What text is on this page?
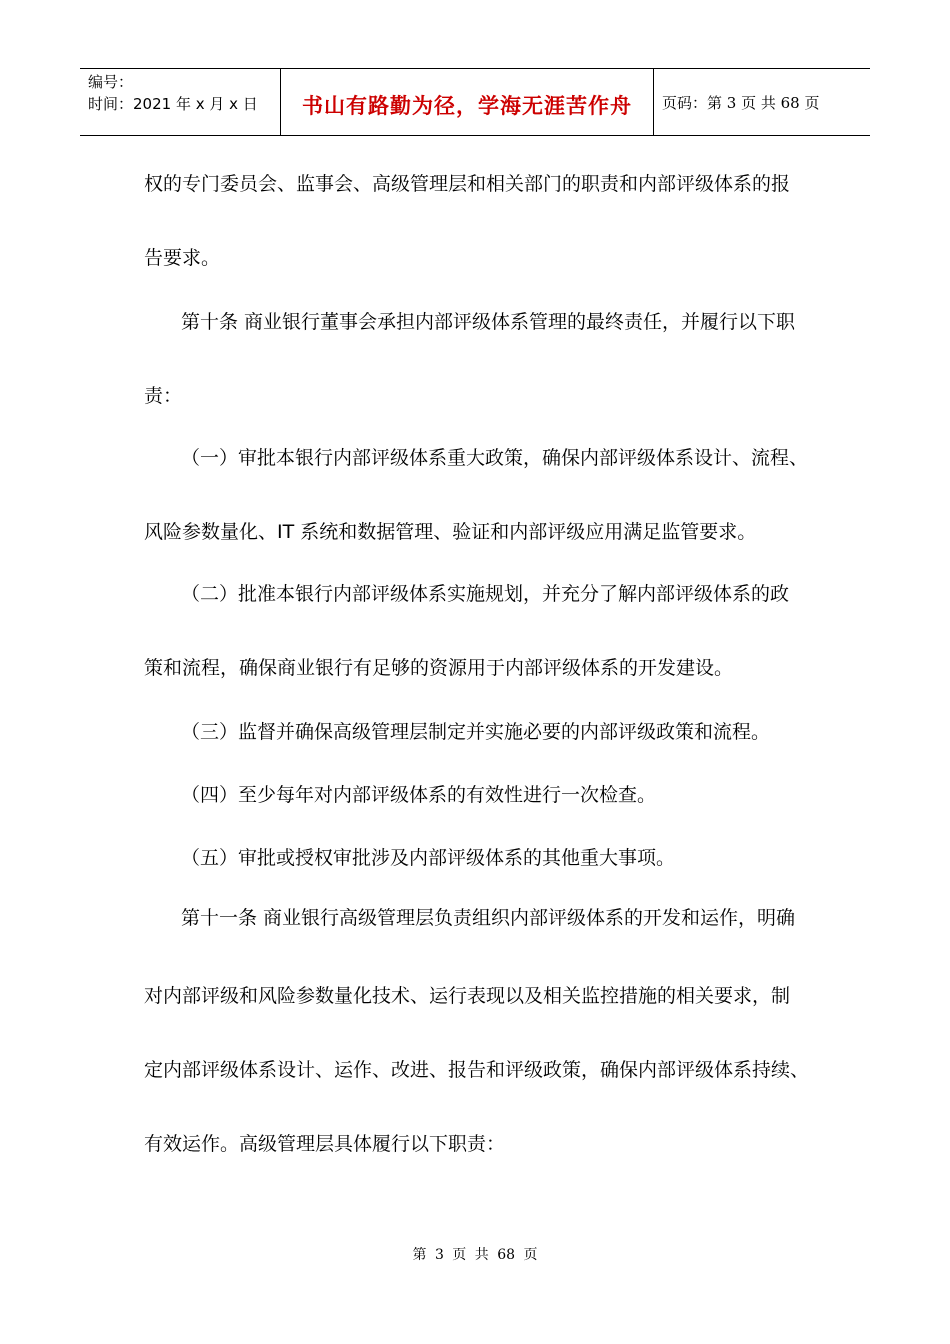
编号：
时间：2021 年 x 月 x 日	书山有路勤为径，学海无涯苦作舟 页码：第 3 页 共 68 页
权的专门委员会、监事会、高级管理层和相关部门的职责和内部评级体系的报
告要求。
第十条 商业银行董事会承担内部评级体系管理的最终责任，并履行以下职
责：
（一）审批本银行内部评级体系重大政策，确保内部评级体系设计、流程、
风险参数量化、IT 系统和数据管理、验证和内部评级应用满足监管要求。
（二）批准本银行内部评级体系实施规划，并充分了解内部评级体系的政
策和流程，确保商业银行有足够的资源用于内部评级体系的开发建设。
（三）监督并确保高级管理层制定并实施必要的内部评级政策和流程。
（四）至少每年对内部评级体系的有效性进行一次检查。
（五）审批或授权审批涉及内部评级体系的其他重大事项。
第十一条 商业银行高级管理层负责组织内部评级体系的开发和运作，明确
对内部评级和风险参数量化技术、运行表现以及相关监控措施的相关要求，制
定内部评级体系设计、运作、改进、报告和评级政策，确保内部评级体系持续、
有效运作。高级管理层具体履行以下职责：
第 3 页 共 68 页
